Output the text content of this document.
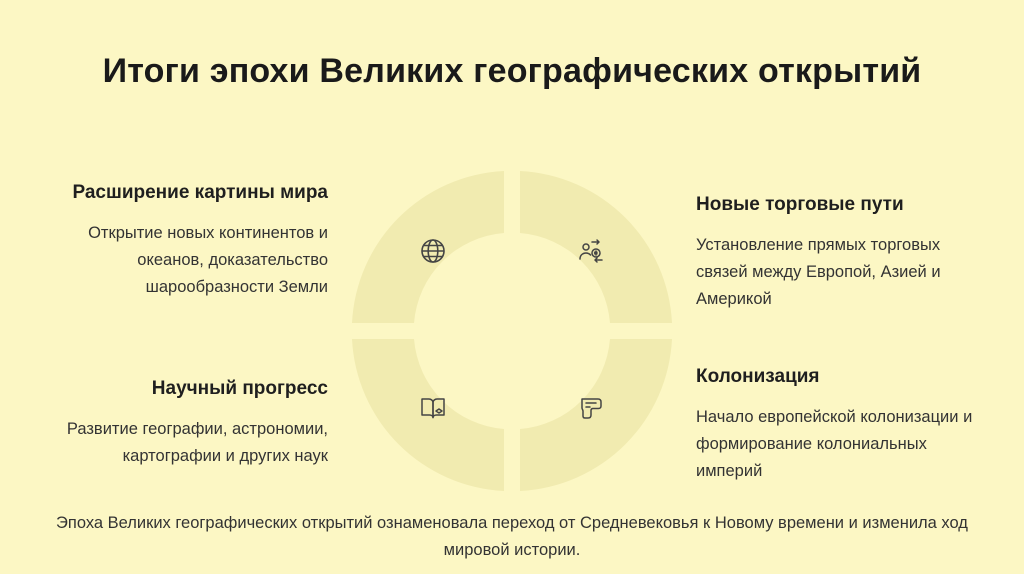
Итоги эпохи Великих географических открытий
Расширение картины мира

Открытие новых континентов и океанов, доказательство шарообразности Земли

Научный прогресс

Развитие географии, астрономии, картографии и других наук

Новые торговые пути

Установление прямых торговых связей между Европой, Азией и Америкой

Колонизация

Начало европейской колонизации и формирование колониальных империй

Эпоха Великих географических открытий ознаменовала переход от Средневековья к Новому времени и изменила ход мировой истории.
